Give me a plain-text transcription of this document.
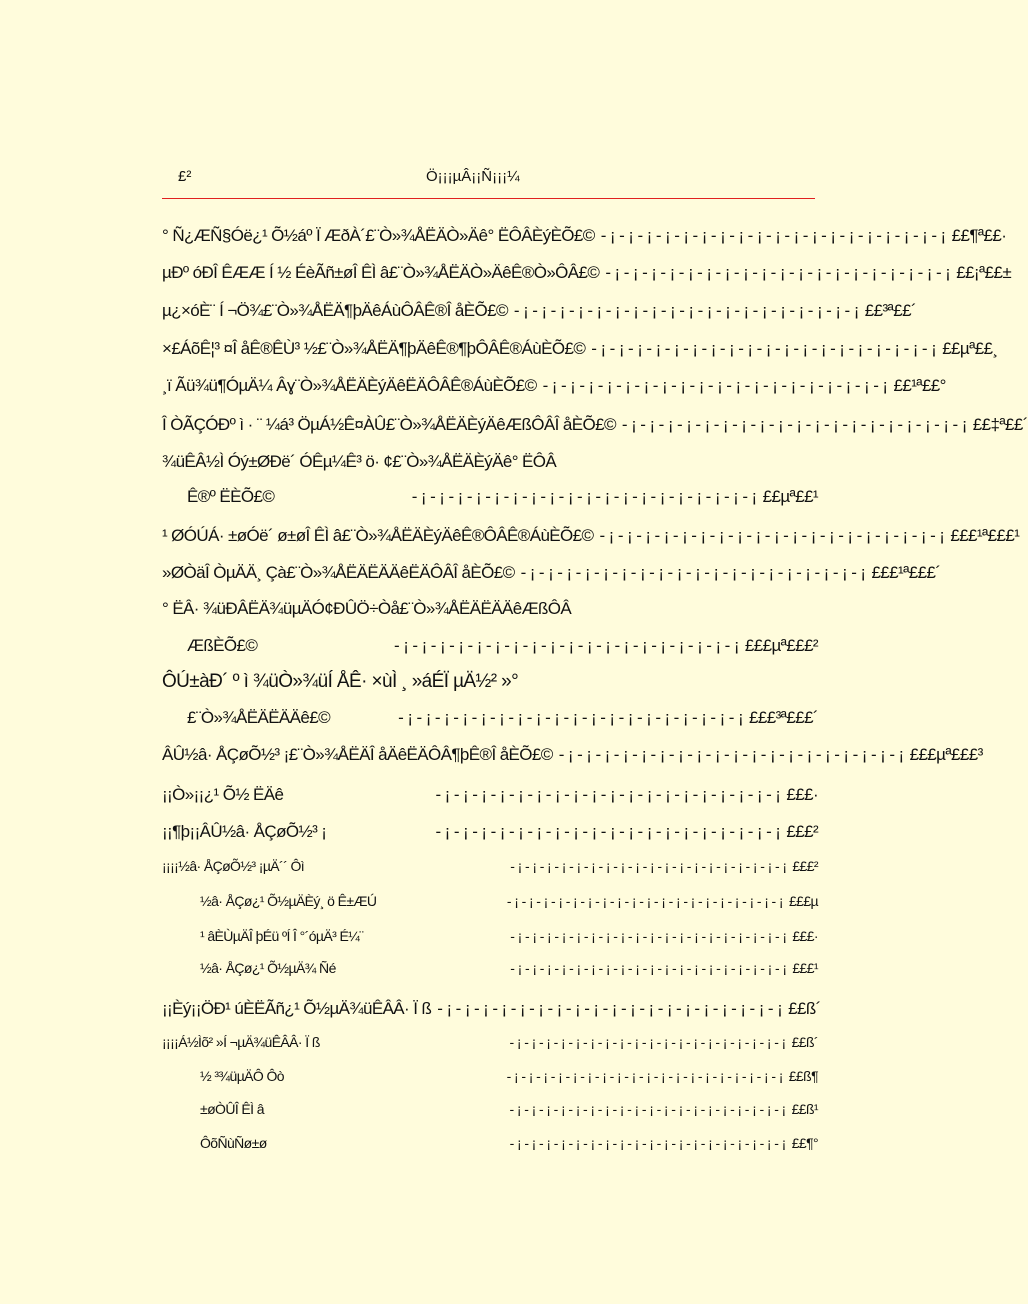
£²	Ö¡¡¡µÂ¡¡Ñ¡¡¡¼
° Ñ¿ÆÑ§Óë¿¹ Õ½áº Ï ÆðÀ´£¨Ò»¾ÅËÄÒ»Äê° ËÔÂÈýÈÕ£© ¡ - ¡ - ¡ - ¡ - ¡ - ¡ - ¡ - ¡ - ¡ - ¡ - ¡ - ¡ - ¡ - ¡ - ¡ - ¡ - ¡ - ¡ - ¡ - ££¶ª££·
µÐº óÐÎ ÊÆÆ Í ½ ÉèÃñ±øÎ ÊÌ â£¨Ò»¾ÅËÄÒ»ÄêÊ®Ò»ÔÂ£© ¡ - ¡ - ¡ - ¡ - ¡ - ¡ - ¡ - ¡ - ¡ - ¡ - ¡ - ¡ - ¡ - ¡ - ¡ - ¡ - ¡ - ¡ - ¡ - ££¡ª££±
µ¿×óÈ¨ Í ¬Ö¾£¨Ò»¾ÅËÄ¶þÄêÁùÔÂÊ®Î åÈÕ£© ¡ - ¡ - ¡ - ¡ - ¡ - ¡ - ¡ - ¡ - ¡ - ¡ - ¡ - ¡ - ¡ - ¡ - ¡ - ¡ - ¡ - ¡ - ¡ - ££³ª££´
×£ÁõÊ¦³ ¤Î åÊ®ÊÙ³ ½£¨Ò»¾ÅËÄ¶þÄêÊ®¶þÔÂÊ®ÁùÈÕ£© ¡ - ¡ - ¡ - ¡ - ¡ - ¡ - ¡ - ¡ - ¡ - ¡ - ¡ - ¡ - ¡ - ¡ - ¡ - ¡ - ¡ - ¡ - ¡ - ££µª££¸
¸ï Ãü¾ü¶ÓµÄ¼ Âɣ¨Ò»¾ÅËÄÈýÄêËÄÔÂÊ®ÁùÈÕ£© ¡ - ¡ - ¡ - ¡ - ¡ - ¡ - ¡ - ¡ - ¡ - ¡ - ¡ - ¡ - ¡ - ¡ - ¡ - ¡ - ¡ - ¡ - ¡ - ££¹ª££°
Î ÒÃÇÓÐº ì · ¨ ¼á³ ÖµÁ½Ê¤ÀÛ£¨Ò»¾ÅËÄÈýÄêÆßÔÂÎ åÈÕ£© ¡ - ¡ - ¡ - ¡ - ¡ - ¡ - ¡ - ¡ - ¡ - ¡ - ¡ - ¡ - ¡ - ¡ - ¡ - ¡ - ¡ - ¡ - ¡ - ££‡ª££´
¾üÊÂ½Ì Óý±ØÐë´ ÓÊµ¼Ê³ ö· ¢£¨Ò»¾ÅËÄÈýÄê° ËÔÂ
Ê®º ËÈÕ£©	¡ - ¡ - ¡ - ¡ - ¡ - ¡ - ¡ - ¡ - ¡ - ¡ - ¡ - ¡ - ¡ - ¡ - ¡ - ¡ - ¡ - ¡ - ¡ - ££µª££¹
¹ ØÓÚÁ· ±øÓë´ ø±øÎ ÊÌ â£¨Ò»¾ÅËÄÈýÄêÊ®ÔÂÊ®ÁùÈÕ£© ¡ - ¡ - ¡ - ¡ - ¡ - ¡ - ¡ - ¡ - ¡ - ¡ - ¡ - ¡ - ¡ - ¡ - ¡ - ¡ - ¡ - ¡ - ¡ - £££¹ª£££¹
»ØÒäÎ ÒµÄÄ¸ Çà£¨Ò»¾ÅËÄËÄÄêËÄÔÂÎ åÈÕ£© ¡ - ¡ - ¡ - ¡ - ¡ - ¡ - ¡ - ¡ - ¡ - ¡ - ¡ - ¡ - ¡ - ¡ - ¡ - ¡ - ¡ - ¡ - ¡ - £££¹ª£££´
° ËÂ· ¾üÐÂËÄ¾üµÄÓ¢ÐÛÖ÷Òå£¨Ò»¾ÅËÄËÄÄêÆßÔÂ
ÆßÈÕ£©	¡ - ¡ - ¡ - ¡ - ¡ - ¡ - ¡ - ¡ - ¡ - ¡ - ¡ - ¡ - ¡ - ¡ - ¡ - ¡ - ¡ - ¡ - ¡ - £££µª£££²
ÔÚ±àÐ´ º ì ¾üÒ»¾üÍ ÅÊ· ×ùÌ ¸ »áÉÏ µÄ½² »°
£¨Ò»¾ÅËÄËÄÄê£©	¡ - ¡ - ¡ - ¡ - ¡ - ¡ - ¡ - ¡ - ¡ - ¡ - ¡ - ¡ - ¡ - ¡ - ¡ - ¡ - ¡ - ¡ - ¡ - £££³ª£££´
ÂÛ½â· ÅÇøÕ½³ ¡£¨Ò»¾ÅËÄÎ åÄêËÄÔÂ¶þÊ®Î åÈÕ£© ¡ - ¡ - ¡ - ¡ - ¡ - ¡ - ¡ - ¡ - ¡ - ¡ - ¡ - ¡ - ¡ - ¡ - ¡ - ¡ - ¡ - ¡ - ¡ - £££µª£££³
¡¡Ò»¡¡¿¹ Õ½ ËÄê	¡ - ¡ - ¡ - ¡ - ¡ - ¡ - ¡ - ¡ - ¡ - ¡ - ¡ - ¡ - ¡ - ¡ - ¡ - ¡ - ¡ - ¡ - ¡ - £££·
¡¡¶þ¡¡ÂÛ½â· ÅÇøÕ½³ ¡	¡ - ¡ - ¡ - ¡ - ¡ - ¡ - ¡ - ¡ - ¡ - ¡ - ¡ - ¡ - ¡ - ¡ - ¡ - ¡ - ¡ - ¡ - ¡ - £££²
¡¡¡¡½â· ÅÇøÕ½³ ¡µÄ´´ Ôì	¡ - ¡ - ¡ - ¡ - ¡ - ¡ - ¡ - ¡ - ¡ - ¡ - ¡ - ¡ - ¡ - ¡ - ¡ - ¡ - ¡ - ¡ - ¡ - £££²
½â· ÅÇø¿¹ Õ½µÄÈý¸ ö Ê±ÆÚ	¡ - ¡ - ¡ - ¡ - ¡ - ¡ - ¡ - ¡ - ¡ - ¡ - ¡ - ¡ - ¡ - ¡ - ¡ - ¡ - ¡ - ¡ - ¡ - £££µ
¹ âÈÙµÄÎ þÉü ºÍ Î °´óµÄ³ É¼¨	¡ - ¡ - ¡ - ¡ - ¡ - ¡ - ¡ - ¡ - ¡ - ¡ - ¡ - ¡ - ¡ - ¡ - ¡ - ¡ - ¡ - ¡ - ¡ - £££·
½â· ÅÇø¿¹ Õ½µÄ¾ Ñé	¡ - ¡ - ¡ - ¡ - ¡ - ¡ - ¡ - ¡ - ¡ - ¡ - ¡ - ¡ - ¡ - ¡ - ¡ - ¡ - ¡ - ¡ - ¡ - £££¹
¡¡Èý¡¡ÖÐ¹ úÈËÃñ¿¹ Õ½µÄ¾üÊÂÂ· Ï ß ¡ - ¡ - ¡ - ¡ - ¡ - ¡ - ¡ - ¡ - ¡ - ¡ - ¡ - ¡ - ¡ - ¡ - ¡ - ¡ - ¡ - ¡ - ¡ - ££ß´
¡¡¡¡Á½Ìõ² »Í ¬µÄ¾üÊÂÂ· Ï ß	¡ - ¡ - ¡ - ¡ - ¡ - ¡ - ¡ - ¡ - ¡ - ¡ - ¡ - ¡ - ¡ - ¡ - ¡ - ¡ - ¡ - ¡ - ¡ - ££ß´
½ ³¾üµÄÔ Ôò	¡ - ¡ - ¡ - ¡ - ¡ - ¡ - ¡ - ¡ - ¡ - ¡ - ¡ - ¡ - ¡ - ¡ - ¡ - ¡ - ¡ - ¡ - ¡ - ££ß¶
±øÒÛÎ ÊÌ â	¡ - ¡ - ¡ - ¡ - ¡ - ¡ - ¡ - ¡ - ¡ - ¡ - ¡ - ¡ - ¡ - ¡ - ¡ - ¡ - ¡ - ¡ - ¡ - ££ß¹
ÔõÑùÑø±ø	¡ - ¡ - ¡ - ¡ - ¡ - ¡ - ¡ - ¡ - ¡ - ¡ - ¡ - ¡ - ¡ - ¡ - ¡ - ¡ - ¡ - ¡ - ¡ - ££¶°
